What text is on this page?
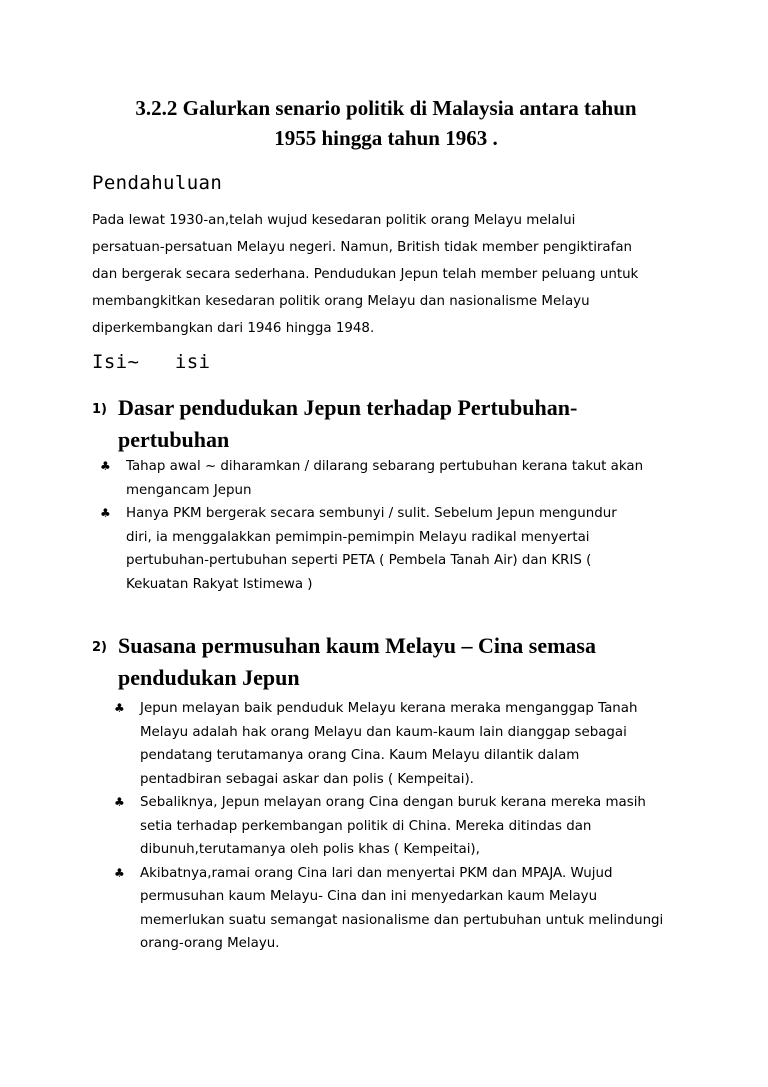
3.2.2 Galurkan senario politik di Malaysia antara tahun
1955 hingga tahun 1963 .
Pendahuluan

Pada lewat 1930-an,telah wujud kesedaran politik orang Melayu melalui

persatuan-persatuan Melayu negeri. Namun, British tidak member pengiktirafan

dan bergerak secara sederhana. Pendudukan Jepun telah member peluang untuk

membangkitkan kesedaran politik orang Melayu dan nasionalisme Melayu

diperkembangkan dari 1946 hingga 1948.

Isi~   isi
1) Dasar pendudukan Jepun terhadap Pertubuhan-

pertubuhan

♣ Tahap awal ~ diharamkan / dilarang sebarang pertubuhan kerana takut akan

mengancam Jepun

♣ Hanya PKM bergerak secara sembunyi / sulit. Sebelum Jepun mengundur

diri, ia menggalakkan pemimpin-pemimpin Melayu radikal menyertai

pertubuhan-pertubuhan seperti PETA ( Pembela Tanah Air) dan KRIS (

Kekuatan Rakyat Istimewa )

2) Suasana permusuhan kaum Melayu – Cina semasa

pendudukan Jepun

♣ Jepun melayan baik penduduk Melayu kerana meraka menganggap Tanah

Melayu adalah hak orang Melayu dan kaum-kaum lain dianggap sebagai

pendatang terutamanya orang Cina. Kaum Melayu dilantik dalam

pentadbiran sebagai askar dan polis ( Kempeitai).

♣ Sebaliknya, Jepun melayan orang Cina dengan buruk kerana mereka masih

setia terhadap perkembangan politik di China. Mereka ditindas dan

dibunuh,terutamanya oleh polis khas ( Kempeitai),

♣ Akibatnya,ramai orang Cina lari dan menyertai PKM dan MPAJA. Wujud

permusuhan kaum Melayu- Cina dan ini menyedarkan kaum Melayu

memerlukan suatu semangat nasionalisme dan pertubuhan untuk melindungi

orang-orang Melayu.
